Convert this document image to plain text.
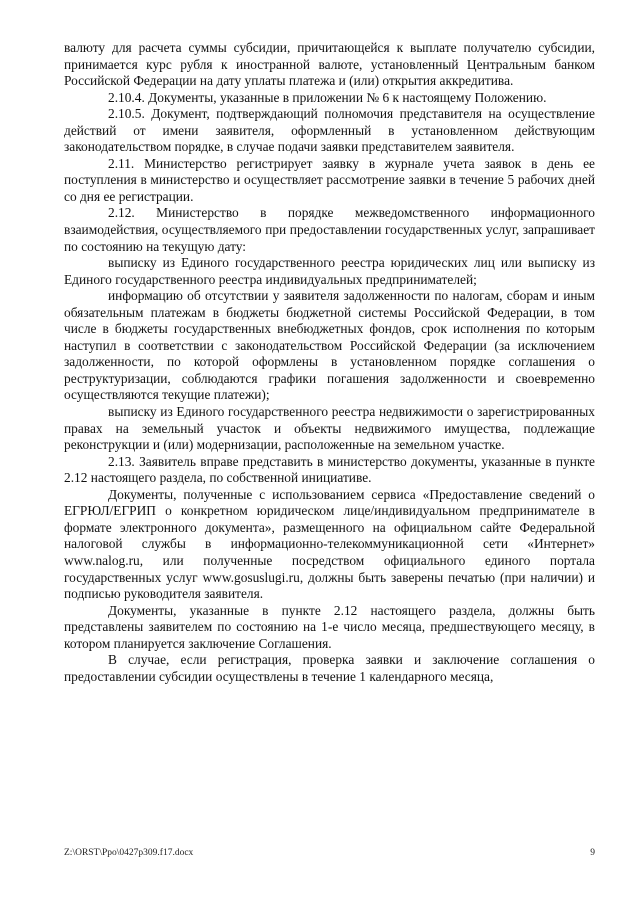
валюту для расчета суммы субсидии, причитающейся к выплате получателю субсидии, принимается курс рубля к иностранной валюте, установленный Центральным банком Российской Федерации на дату уплаты платежа и (или) открытия аккредитива.

2.10.4. Документы, указанные в приложении № 6 к настоящему Положению.

2.10.5. Документ, подтверждающий полномочия представителя на осуществление действий от имени заявителя, оформленный в установленном действующим законодательством порядке, в случае подачи заявки представителем заявителя.

2.11. Министерство регистрирует заявку в журнале учета заявок в день ее поступления в министерство и осуществляет рассмотрение заявки в течение 5 рабочих дней со дня ее регистрации.

2.12. Министерство в порядке межведомственного информационного взаимодействия, осуществляемого при предоставлении государственных услуг, запрашивает по состоянию на текущую дату:

выписку из Единого государственного реестра юридических лиц или выписку из Единого государственного реестра индивидуальных предпринимателей;

информацию об отсутствии у заявителя задолженности по налогам, сборам и иным обязательным платежам в бюджеты бюджетной системы Российской Федерации, в том числе в бюджеты государственных внебюджетных фондов, срок исполнения по которым наступил в соответствии с законодательством Российской Федерации (за исключением задолженности, по которой оформлены в установленном порядке соглашения о реструктуризации, соблюдаются графики погашения задолженности и своевременно осуществляются текущие платежи);

выписку из Единого государственного реестра недвижимости о зарегистрированных правах на земельный участок и объекты недвижимого имущества, подлежащие реконструкции и (или) модернизации, расположенные на земельном участке.

2.13. Заявитель вправе представить в министерство документы, указанные в пункте 2.12 настоящего раздела, по собственной инициативе.

Документы, полученные с использованием сервиса «Предоставление сведений о ЕГРЮЛ/ЕГРИП о конкретном юридическом лице/индивидуальном предпринимателе в формате электронного документа», размещенного на официальном сайте Федеральной налоговой службы в информационно-телекоммуникационной сети «Интернет» www.nalog.ru, или полученные посредством официального единого портала государственных услуг www.gosuslugi.ru, должны быть заверены печатью (при наличии) и подписью руководителя заявителя.

Документы, указанные в пункте 2.12 настоящего раздела, должны быть представлены заявителем по состоянию на 1-е число месяца, предшествующего месяцу, в котором планируется заключение Соглашения.

В случае, если регистрация, проверка заявки и заключение соглашения о предоставлении субсидии осуществлены в течение 1 календарного месяца,

Z:\ORST\Ppo\0427p309.f17.docx	9
